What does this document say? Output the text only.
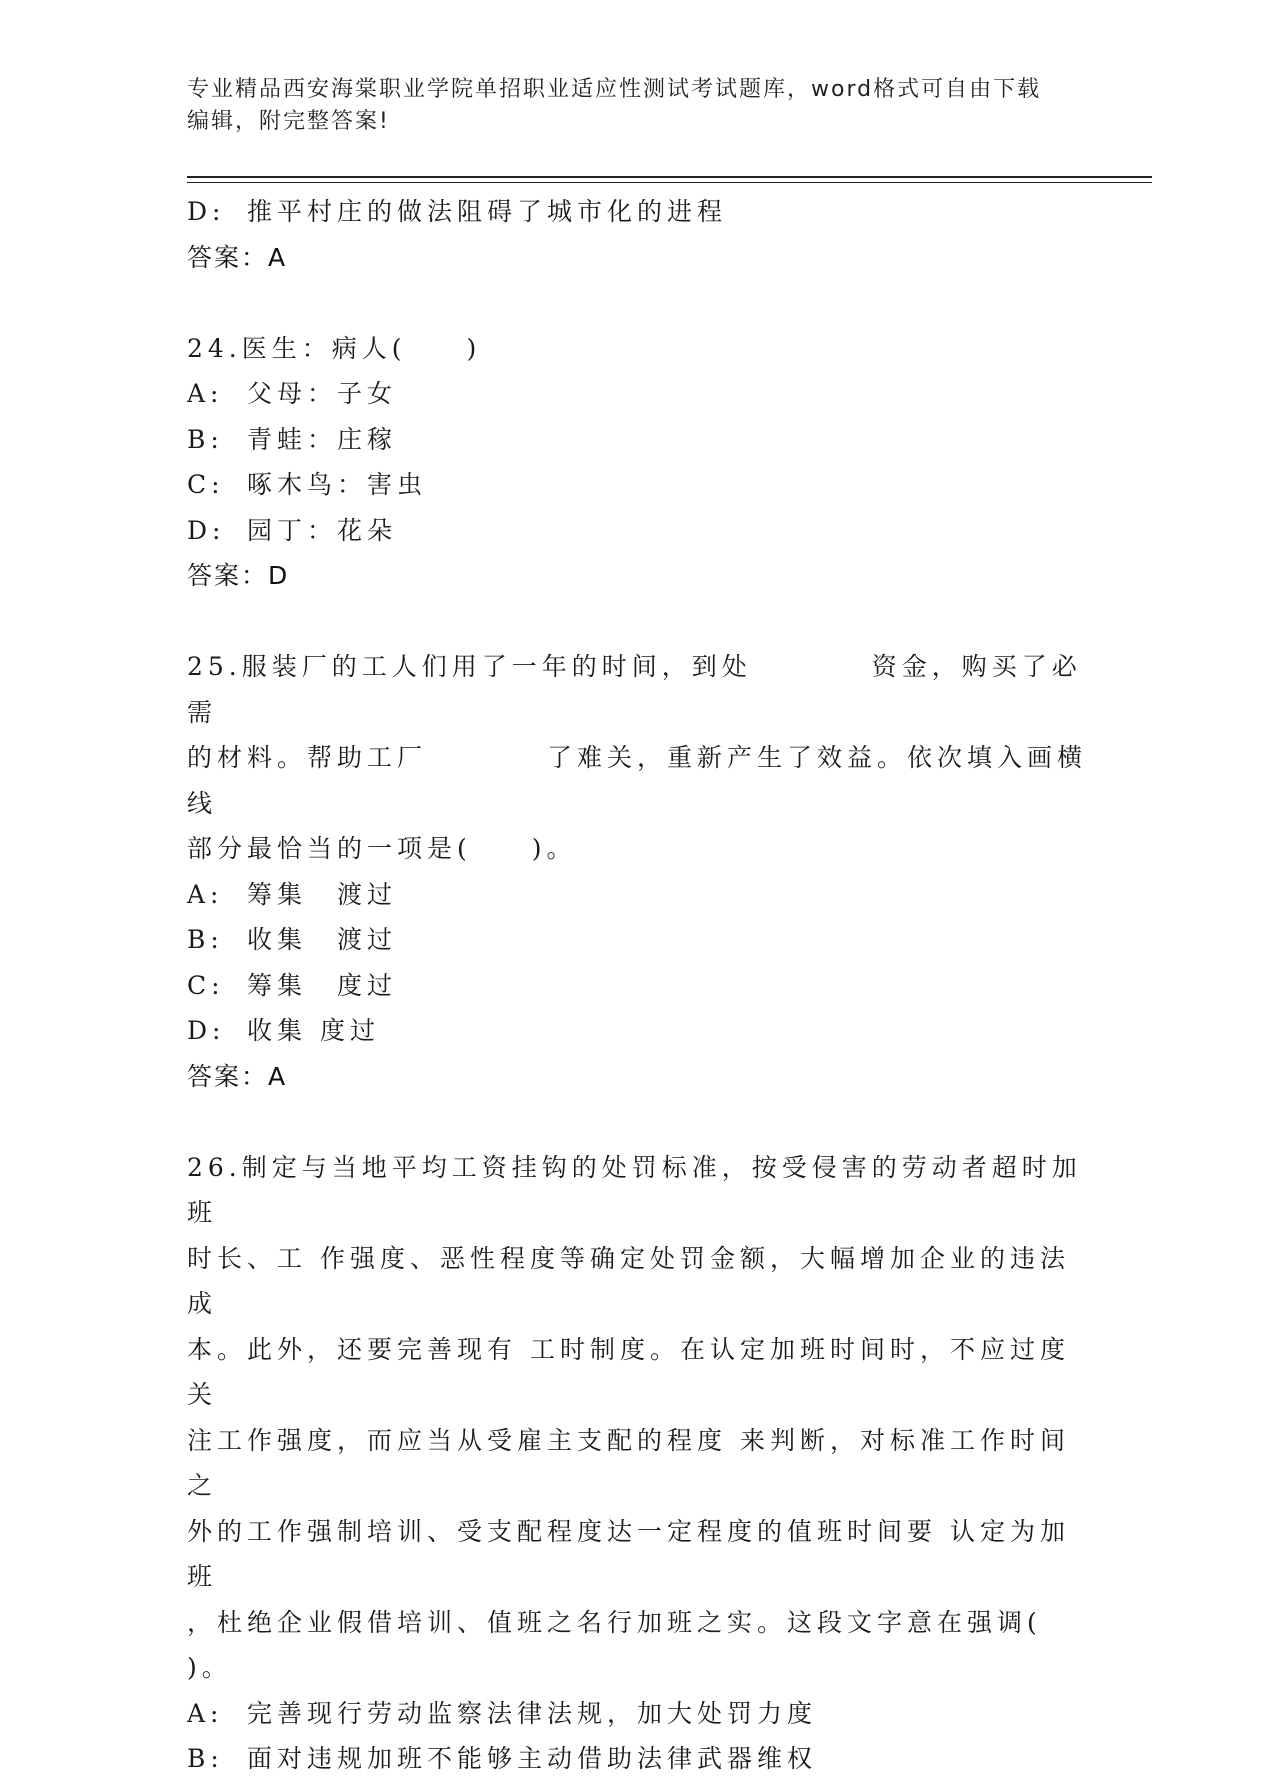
专业精品西安海棠职业学院单招职业适应性测试考试题库，word格式可自由下载
编辑，附完整答案!
D: 推平村庄的做法阻碍了城市化的进程
答案：A
24.医生：病人(　　)
A: 父母：子女
B: 青蛙：庄稼
C: 啄木鸟：害虫
D: 园丁：花朵
答案：D
25.服装厂的工人们用了一年的时间，到处　　　　资金，购买了必需
的材料。帮助工厂　　　　了难关，重新产生了效益。依次填入画横线
部分最恰当的一项是(　　)。
A: 筹集　渡过
B: 收集　渡过
C: 筹集　度过
D: 收集 度过
答案：A
26.制定与当地平均工资挂钩的处罚标准，按受侵害的劳动者超时加班
时长、工 作强度、恶性程度等确定处罚金额，大幅增加企业的违法成
本。此外，还要完善现有 工时制度。在认定加班时间时，不应过度关
注工作强度，而应当从受雇主支配的程度 来判断，对标准工作时间之
外的工作强制培训、受支配程度达一定程度的值班时间要 认定为加班
，杜绝企业假借培训、值班之名行加班之实。这段文字意在强调(
)。
A: 完善现行劳动监察法律法规，加大处罚力度
B: 面对违规加班不能够主动借助法律武器维权
